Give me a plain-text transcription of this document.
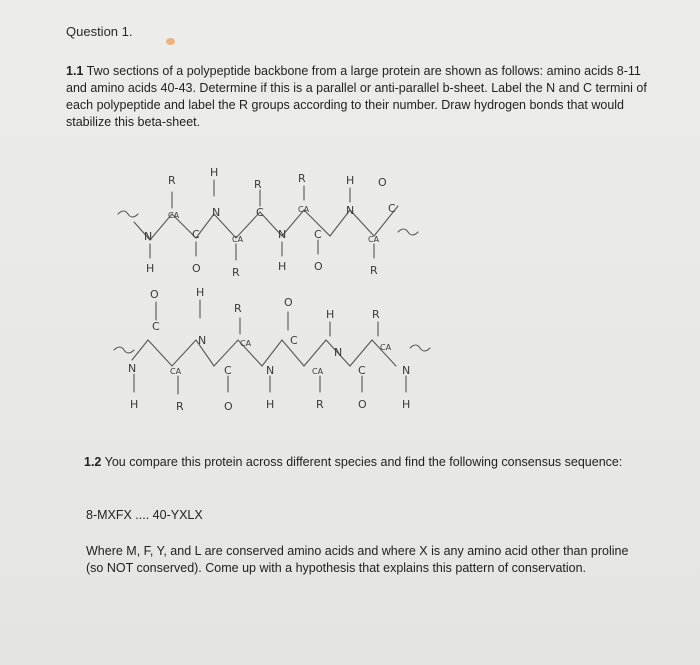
Question 1.
1.1 Two sections of a polypeptide backbone from a large protein are shown as follows: amino acids 8-11 and amino acids 40-43. Determine if this is a parallel or anti-parallel b-sheet. Label the N and C termini of each polypeptide and label the R groups according to their number. Draw hydrogen bonds that would stabilize this beta-sheet.
N
H
R
CA
C
O
H
N
CA
R
R
C
N
H
R
CA
C
O
H
N
CA
R
O
C
N
H
O
C
CA
R
H
N
C
O
R
CA
N
H
O
C
CA
R
H
N
C
O
R
CA
N
H
1.2 You compare this protein across different species and find the following consensus sequence:
8-MXFX .... 40-YXLX
Where M, F, Y, and L are conserved amino acids and where X is any amino acid other than proline (so NOT conserved). Come up with a hypothesis that explains this pattern of conservation.
